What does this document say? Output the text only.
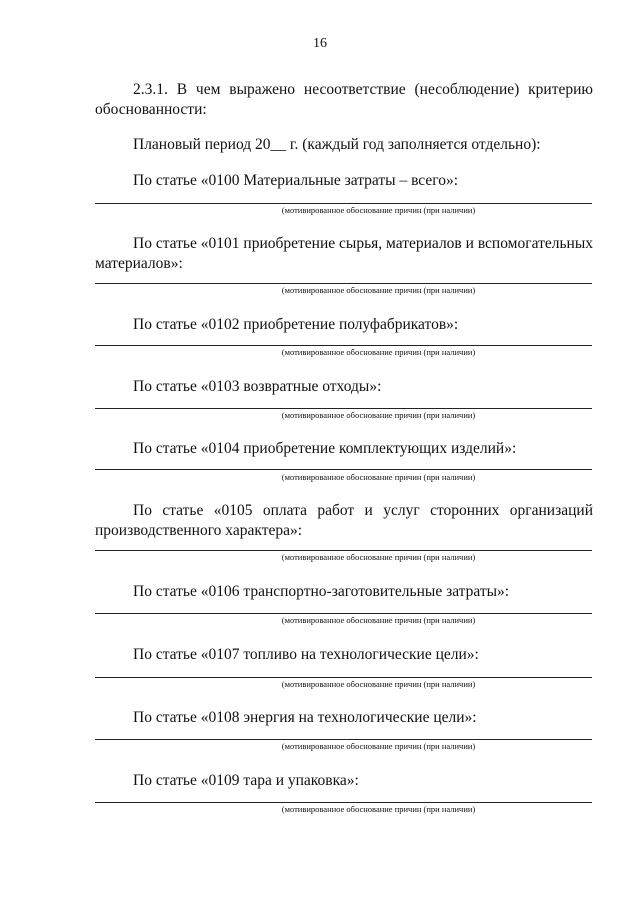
16
2.3.1. В чем выражено несоответствие (несоблюдение) критерию обоснованности:
Плановый период 20__ г. (каждый год заполняется отдельно):
По статье «0100 Материальные затраты – всего»:
(мотивированное обоснование причин (при наличии)
По статье «0101 приобретение сырья, материалов и вспомогательных материалов»:
(мотивированное обоснование причин (при наличии)
По статье «0102 приобретение полуфабрикатов»:
(мотивированное обоснование причин (при наличии)
По статье «0103 возвратные отходы»:
(мотивированное обоснование причин (при наличии)
По статье «0104 приобретение комплектующих изделий»:
(мотивированное обоснование причин (при наличии)
По статье «0105 оплата работ и услуг сторонних организаций производственного характера»:
(мотивированное обоснование причин (при наличии)
По статье «0106 транспортно-заготовительные затраты»:
(мотивированное обоснование причин (при наличии)
По статье «0107 топливо на технологические цели»:
(мотивированное обоснование причин (при наличии)
По статье «0108 энергия на технологические цели»:
(мотивированное обоснование причин (при наличии)
По статье «0109 тара и упаковка»:
(мотивированное обоснование причин (при наличии)
